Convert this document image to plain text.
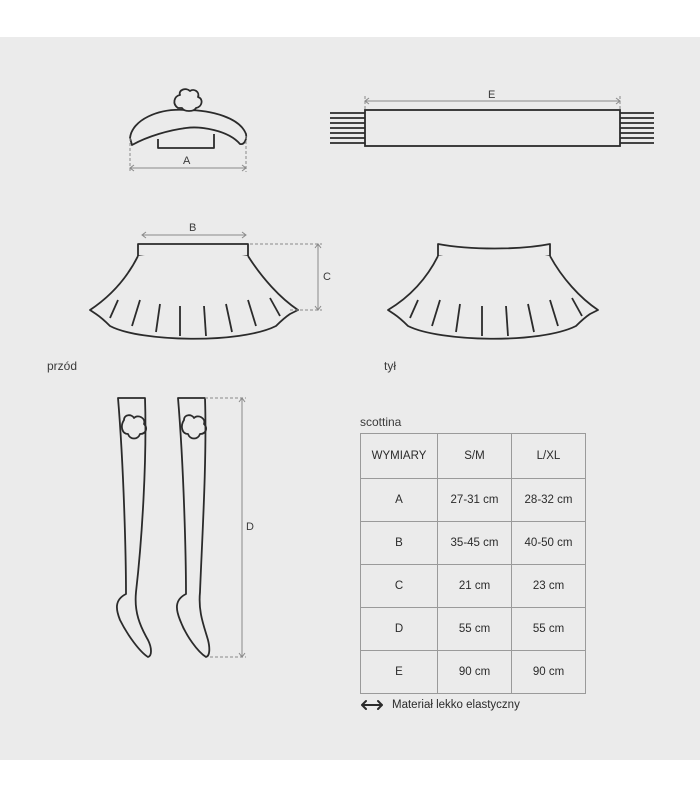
A
E
B
C
D
przód	tył
scottina
WYMIARY	S/M	L/XL
A	27-31 cm	28-32 cm
B	35-45 cm	40-50 cm
C	21 cm	23 cm
D	55 cm	55 cm
E	90 cm	90 cm
Materiał lekko elastyczny
